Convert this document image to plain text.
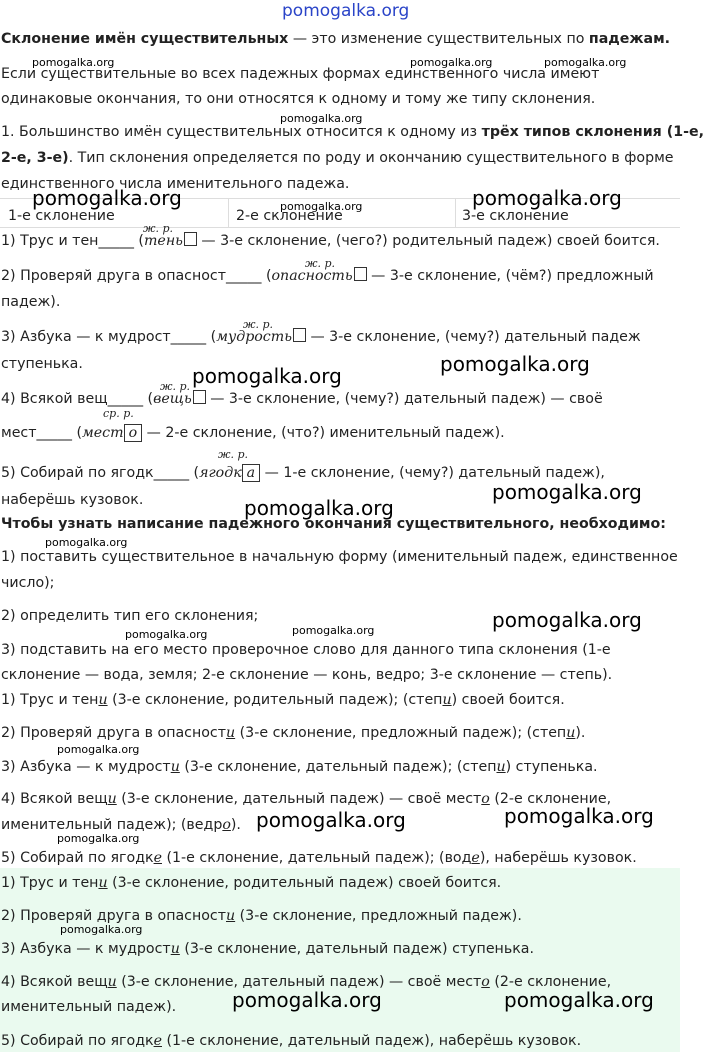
pomogalka.org
Склонение имён существительных — это изменение существительных по падежам.
Если существительные во всех падежных формах единственного числа имеют
одинаковые окончания, то они относятся к одному и тому же типу склонения.
1. Большинство имён существительных относится к одному из трёх типов склонения (1-е,
2-е, 3-е). Тип склонения определяется по роду и окончанию существительного в форме
единственного числа именительного падежа.
1-е склонение	2-е склонение	3-е склонение
ж. р.
1) Трус и тен_____ (тень — 3-е склонение, (чего?) родительный падеж) своей боится.
ж. р.
2) Проверяй друга в опасност_____ (опасность — 3-е склонение, (чём?) предложный
падеж).
ж. р.
3) Азбука — к мудрост_____ (мудрость — 3-е склонение, (чему?) дательный падеж
ступенька.
ж. р.
4) Всякой вещ_____ (вещь — 3-е склонение, (чему?) дательный падеж) — своё
ср. р.
мест_____ (мест о — 2-е склонение, (что?) именительный падеж).
ж. р.
5) Собирай по ягодк_____ (ягодк а — 1-е склонение, (чему?) дательный падеж),
наберёшь кузовок.
Чтобы узнать написание падежного окончания существительного, необходимо:
1) поставить существительное в начальную форму (именительный падеж, единственное
число);
2) определить тип его склонения;
3) подставить на его место проверочное слово для данного типа склонения (1-е
склонение — вода, земля; 2-е склонение — конь, ведро; 3-е склонение — степь).
1) Трус и тени (3-е склонение, родительный падеж); (степи) своей боится.
2) Проверяй друга в опасности (3-е склонение, предложный падеж); (степи).
3) Азбука — к мудрости (3-е склонение, дательный падеж); (степи) ступенька.
4) Всякой вещи (3-е склонение, дательный падеж) — своё место (2-е склонение,
именительный падеж); (ведро).
5) Собирай по ягодке (1-е склонение, дательный падеж); (воде), наберёшь кузовок.
1) Трус и тени (3-е склонение, родительный падеж) своей боится.
2) Проверяй друга в опасности (3-е склонение, предложный падеж).
3) Азбука — к мудрости (3-е склонение, дательный падеж) ступенька.
4) Всякой вещи (3-е склонение, дательный падеж) — своё место (2-е склонение,
именительный падеж).
5) Собирай по ягодке (1-е склонение, дательный падеж), наберёшь кузовок.
pomogalka.org	pomogalka.org	pomogalka.org
pomogalka.org
pomogalka.org
pomogalka.org
pomogalka.org	pomogalka.org
pomogalka.org
pomogalka.org
pomogalka.org
pomogalka.org	pomogalka.org
pomogalka.org
pomogalka.org
pomogalka.org
pomogalka.org
pomogalka.org
pomogalka.org
pomogalka.org
pomogalka.org	pomogalka.org
